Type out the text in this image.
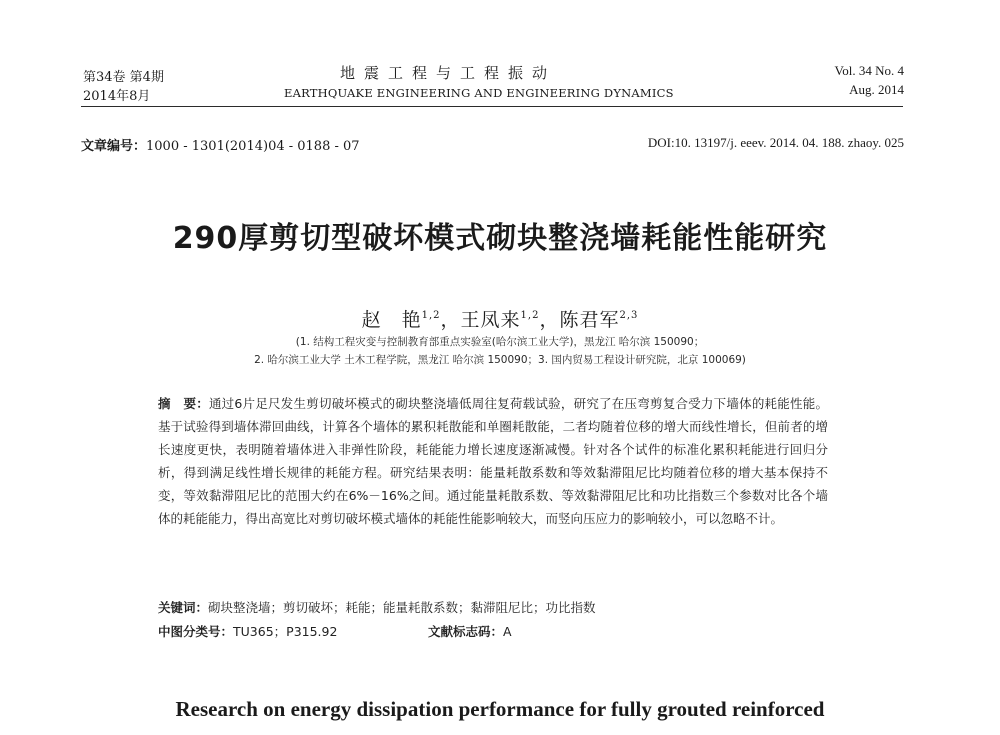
第34卷 第4期
2014年8月
地震工程与工程振动
EARTHQUAKE ENGINEERING AND ENGINEERING DYNAMICS
Vol. 34 No. 4
Aug. 2014
文章编号：1000 - 1301(2014)04 - 0188 - 07	DOI:10. 13197/j. eeev. 2014. 04. 188. zhaoy. 025
290厚剪切型破坏模式砌块整浇墙耗能性能研究
赵　艳$^{1,2}$，王凤来$^{1,2}$，陈君军$^{2,3}$
(1. 结构工程灾变与控制教育部重点实验室(哈尔滨工业大学)，黑龙江 哈尔滨 150090；
2. 哈尔滨工业大学 土木工程学院，黑龙江 哈尔滨 150090；3. 国内贸易工程设计研究院，北京 100069)
摘　要：通过6片足尺发生剪切破坏模式的砌块整浇墙低周往复荷载试验，研究了在压弯剪复合受力下墙体的耗能性能。基于试验得到墙体滞回曲线，计算各个墙体的累积耗散能和单圈耗散能，二者均随着位移的增大而线性增长，但前者的增长速度更快，表明随着墙体进入非弹性阶段，耗能能力增长速度逐渐减慢。针对各个试件的标准化累积耗能进行回归分析，得到满足线性增长规律的耗能方程。研究结果表明：能量耗散系数和等效黏滞阻尼比均随着位移的增大基本保持不变，等效黏滞阻尼比的范围大约在6%－16%之间。通过能量耗散系数、等效黏滞阻尼比和功比指数三个参数对比各个墙体的耗能能力，得出高宽比对剪切破坏模式墙体的耗能性能影响较大，而竖向压应力的影响较小，可以忽略不计。
关键词：砌块整浇墙；剪切破坏；耗能；能量耗散系数；黏滞阻尼比；功比指数
中图分类号：TU365；P315.92	文献标志码：A
Research on energy dissipation performance for fully grouted reinforced
